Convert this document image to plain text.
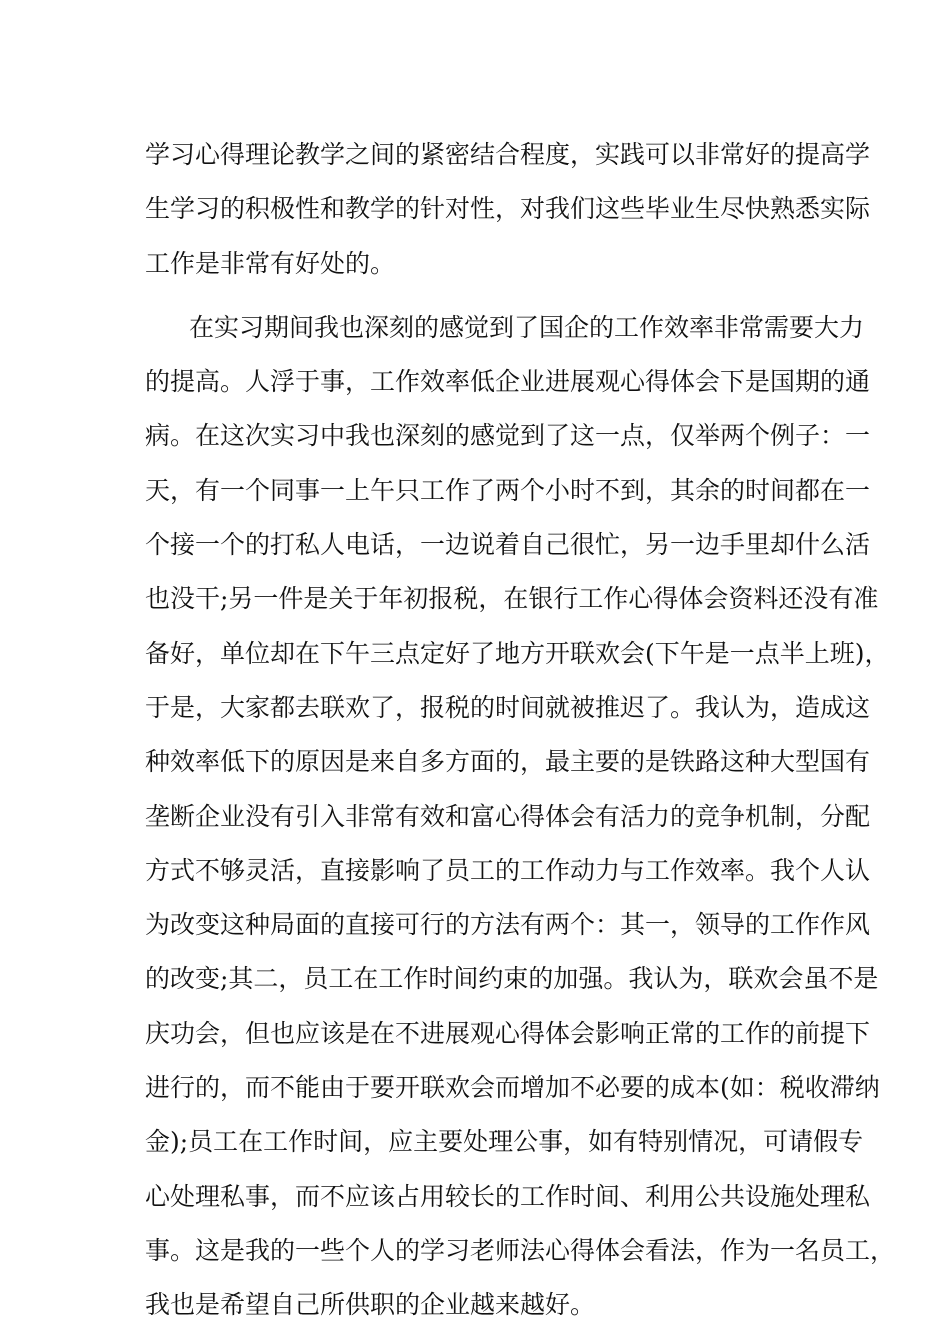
学习心得理论教学之间的紧密结合程度，实践可以非常好的提高学
生学习的积极性和教学的针对性，对我们这些毕业生尽快熟悉实际
工作是非常有好处的。
在实习期间我也深刻的感觉到了国企的工作效率非常需要大力
的提高。人浮于事，工作效率低企业进展观心得体会下是国期的通
病。在这次实习中我也深刻的感觉到了这一点，仅举两个例子：一
天，有一个同事一上午只工作了两个小时不到，其余的时间都在一
个接一个的打私人电话，一边说着自己很忙，另一边手里却什么活
也没干;另一件是关于年初报税，在银行工作心得体会资料还没有准
备好，单位却在下午三点定好了地方开联欢会(下午是一点半上班)，
于是，大家都去联欢了，报税的时间就被推迟了。我认为，造成这
种效率低下的原因是来自多方面的，最主要的是铁路这种大型国有
垄断企业没有引入非常有效和富心得体会有活力的竞争机制，分配
方式不够灵活，直接影响了员工的工作动力与工作效率。我个人认
为改变这种局面的直接可行的方法有两个：其一，领导的工作作风
的改变;其二，员工在工作时间约束的加强。我认为，联欢会虽不是
庆功会，但也应该是在不进展观心得体会影响正常的工作的前提下
进行的，而不能由于要开联欢会而增加不必要的成本(如：税收滞纳
金);员工在工作时间，应主要处理公事，如有特别情况，可请假专
心处理私事，而不应该占用较长的工作时间、利用公共设施处理私
事。这是我的一些个人的学习老师法心得体会看法，作为一名员工，
我也是希望自己所供职的企业越来越好。
